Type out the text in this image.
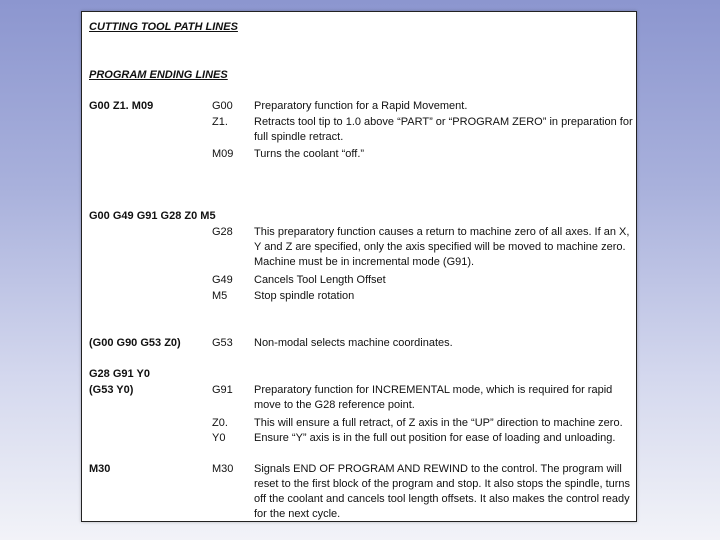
CUTTING TOOL PATH LINES
PROGRAM ENDING LINES
G00 Z1. M09	G00 Preparatory function for a Rapid Movement.
Z1. Retracts tool tip to 1.0 above “PART” or “PROGRAM ZERO” in preparation for full spindle retract.
M09 Turns the coolant “off.”
G00 G49 G91 G28 Z0 M5
G28 This preparatory function causes a return to machine zero of all axes. If an X, Y and Z are specified, only the axis specified will be moved to machine zero. Machine must be in incremental mode (G91).
G49 Cancels Tool Length Offset
M5 Stop spindle rotation
(G00 G90 G53 Z0)	G53 Non-modal selects machine coordinates.
G28 G91 Y0
(G53 Y0)	G91 Preparatory function for INCREMENTAL mode, which is required for rapid move to the G28 reference point.
Z0. This will ensure a full retract, of Z axis in the “UP” direction to machine zero.
Y0	Ensure “Y” axis is in the full out position for ease of loading and unloading.
M30	M30 Signals END OF PROGRAM AND REWIND to the control. The program will reset to the first block of the program and stop. It also stops the spindle, turns off the coolant and cancels tool length offsets. It also makes the control ready for the next cycle.
